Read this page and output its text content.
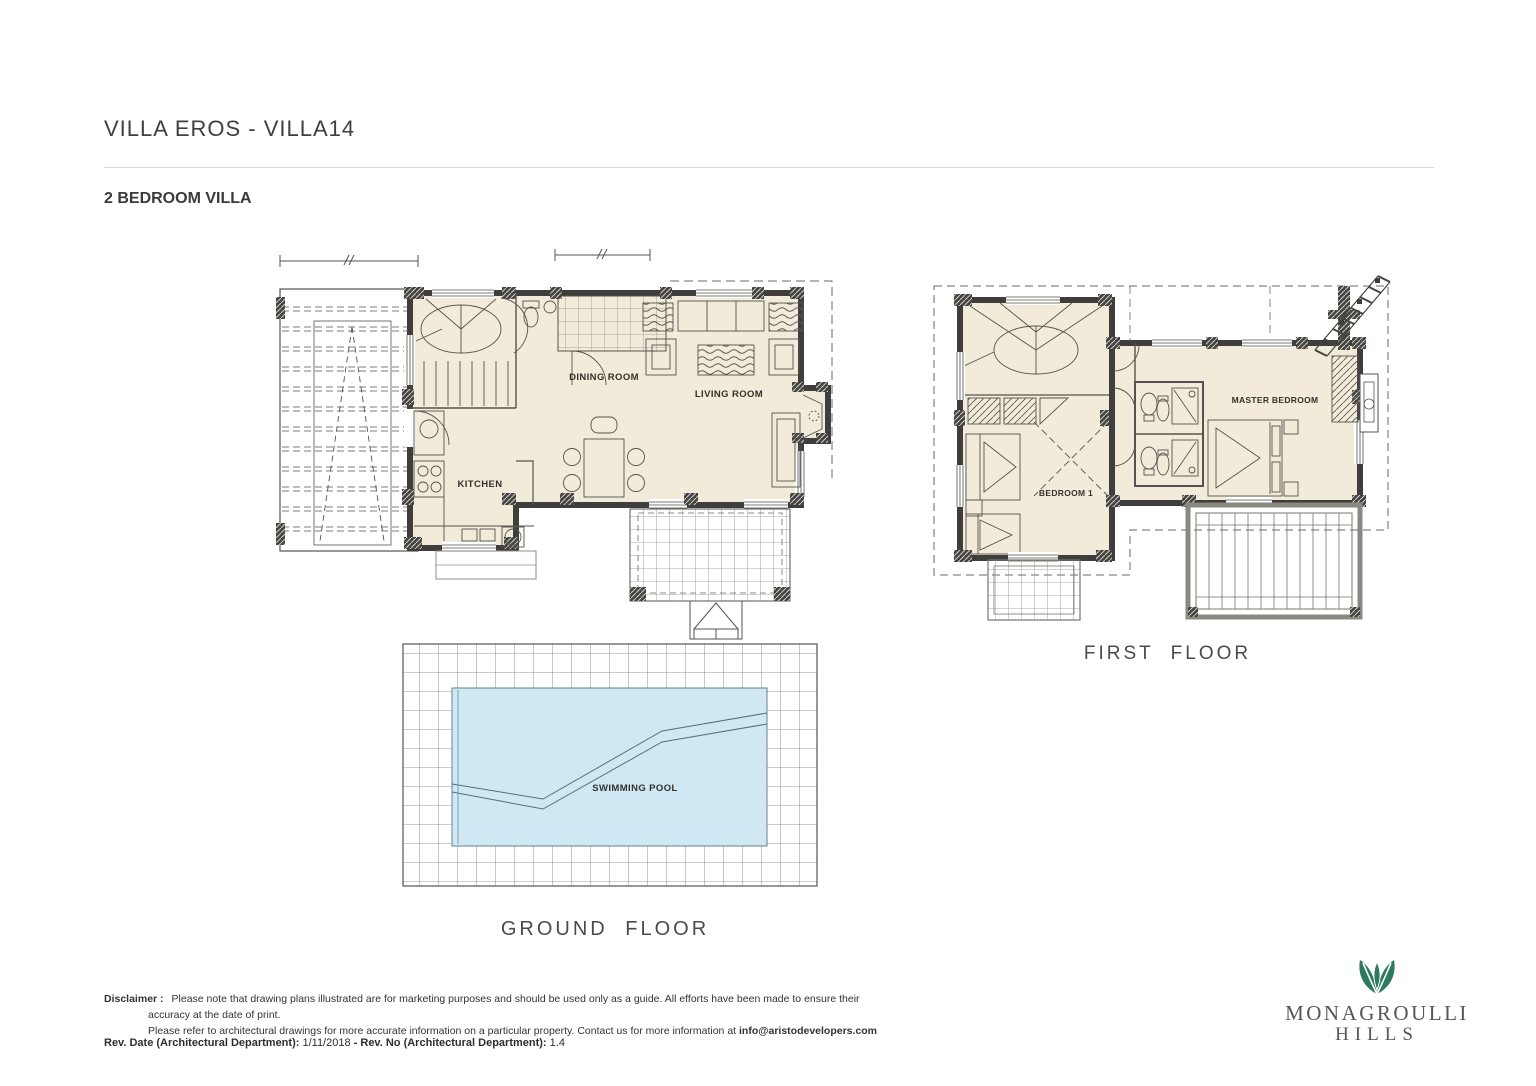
VILLA EROS - VILLA14
2 BEDROOM VILLA
KITCHEN
DINING ROOM
LIVING ROOM
SWIMMING POOL
GROUND FLOOR
BEDROOM 1
MASTER BEDROOM
FIRST FLOOR
Disclaimer : Please note that drawing plans illustrated are for marketing purposes and should be used only as a guide. All efforts have been made to ensure their accuracy at the date of print.
Please refer to architectural drawings for more accurate information on a particular property. Contact us for more information at info@aristodevelopers.com
Rev. Date (Architectural Department): 1/11/2018 - Rev. No (Architectural Department): 1.4
MONAGROULLI
HILLS
